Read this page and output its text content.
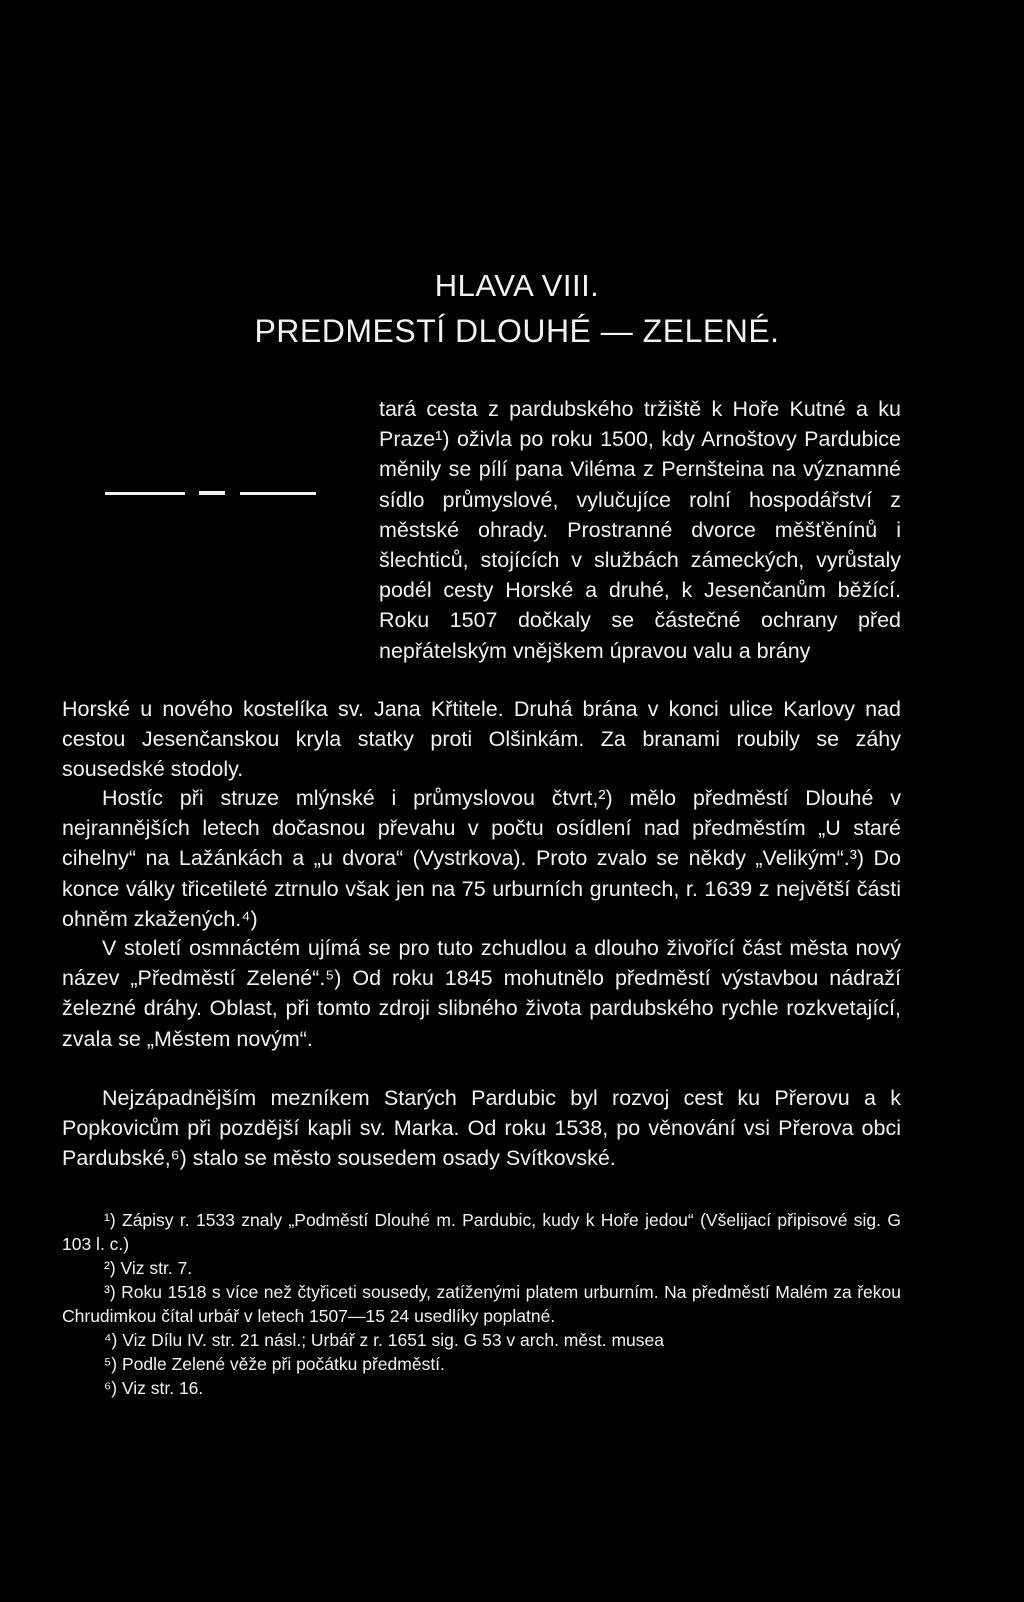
HLAVA VIII.
PREDMESTÍ DLOUHÉ — ZELENÉ.
tará cesta z pardubského tržiště k Hoře Kutné a ku Praze¹) oživla po roku 1500, kdy Arnoštovy Pardubice měnily se pílí pana Viléma z Pernšteina na významné sídlo průmyslové, vylučujíce rolní hospodářství z městské ohrady. Prostranné dvorce měšťěnínů i šlechticů, stojících v službách zámeckých, vyrůstaly podél cesty Horské a druhé, k Jesenčanům běžící. Roku 1507 dočkaly se částečné ochrany před nepřátelským vnějškem úpravou valu a brány
Horské u nového kostelíka sv. Jana Křtitele. Druhá brána v konci ulice Karlovy nad cestou Jesenčanskou kryla statky proti Olšinkám. Za branami roubily se záhy sousedské stodoly.
Hostíc při struze mlýnské i průmyslovou čtvrt,²) mělo předměstí Dlouhé v nejrannějších letech dočasnou převahu v počtu osídlení nad předměstím „U staré cihelny“ na Lažánkách a „u dvora“ (Vystrkova). Proto zvalo se někdy „Velikým“.³) Do konce války třicetileté ztrnulo však jen na 75 urburních gruntech, r. 1639 z největší části ohněm zkažených.⁴)
V století osmnáctém ujímá se pro tuto zchudlou a dlouho živořící část města nový název „Předměstí Zelené“.⁵) Od roku 1845 mohutnělo předměstí výstavbou nádraží železné dráhy. Oblast, při tomto zdroji slibného života pardubského rychle rozkvetající, zvala se „Městem novým“.
Nejzápadnějším mezníkem Starých Pardubic byl rozvoj cest ku Přerovu a k Popkovicům při pozdější kapli sv. Marka. Od roku 1538, po věnování vsi Přerova obci Pardubské,⁶) stalo se město sousedem osady Svítkovské.

¹) Zápisy r. 1533 znaly „Podměstí Dlouhé m. Pardubic, kudy k Hoře jedou“ (Všelijací připisové sig. G 103 l. c.)

²) Viz str. 7.

³) Roku 1518 s více než čtyřiceti sousedy, zatíženými platem urburním. Na předměstí Malém za řekou Chrudimkou čítal urbář v letech 1507—15 24 usedlíky poplatné.

⁴) Viz Dílu IV. str. 21 násl.; Urbář z r. 1651 sig. G 53 v arch. měst. musea

⁵) Podle Zelené věže při počátku předměstí.

⁶) Viz str. 16.
